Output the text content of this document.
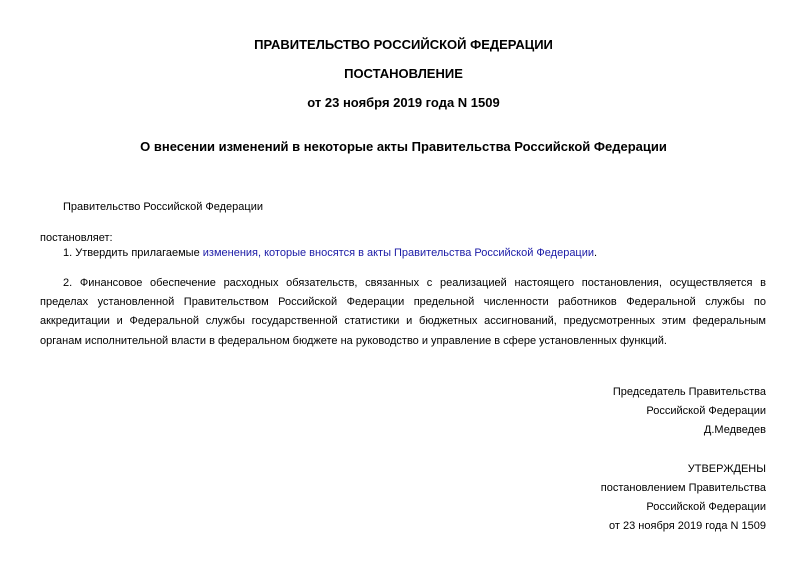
ПРАВИТЕЛЬСТВО РОССИЙСКОЙ ФЕДЕРАЦИИ
ПОСТАНОВЛЕНИЕ
от 23 ноября 2019 года N 1509
О внесении изменений в некоторые акты Правительства Российской Федерации
Правительство Российской Федерации
постановляет:
1. Утвердить прилагаемые изменения, которые вносятся в акты Правительства Российской Федерации.
2. Финансовое обеспечение расходных обязательств, связанных с реализацией настоящего постановления, осуществляется в пределах установленной Правительством Российской Федерации предельной численности работников Федеральной службы по аккредитации и Федеральной службы государственной статистики и бюджетных ассигнований, предусмотренных этим федеральным органам исполнительной власти в федеральном бюджете на руководство и управление в сфере установленных функций.
Председатель Правительства
Российской Федерации
Д.Медведев
УТВЕРЖДЕНЫ
постановлением Правительства
Российской Федерации
от 23 ноября 2019 года N 1509
